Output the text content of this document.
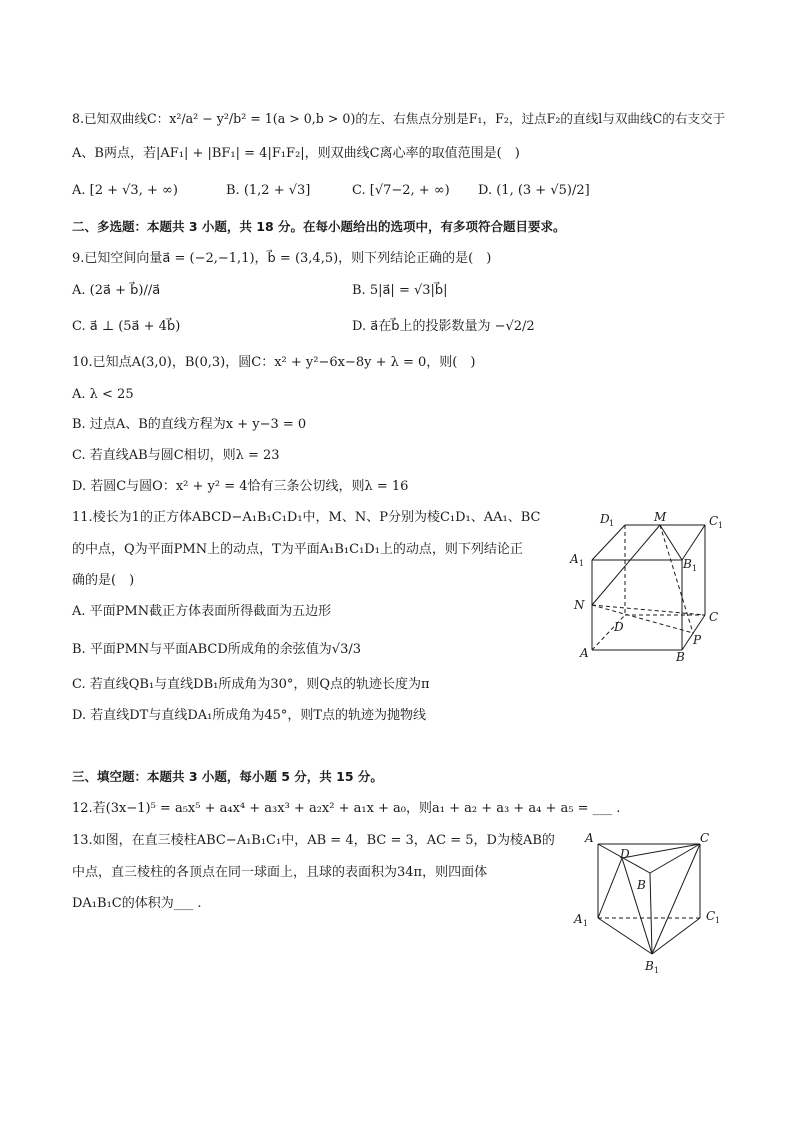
8.已知双曲线C：x²/a² − y²/b² = 1(a > 0,b > 0)的左、右焦点分别是F₁，F₂，过点F₂的直线l与双曲线C的右支交于
A、B两点，若|AF₁| + |BF₁| = 4|F₁F₂|，则双曲线C离心率的取值范围是(　)
A. [2 + √3, + ∞)	B. (1,2 + √3]	C. [√7−2, + ∞) D. (1, (3 + √5)/2]
二、多选题：本题共 3 小题，共 18 分。在每小题给出的选项中，有多项符合题目要求。
9.已知空间向量a⃗ = (−2,−1,1)，b⃗ = (3,4,5)，则下列结论正确的是(　)
A. (2a⃗ + b⃗)//a⃗	B. 5|a⃗| = √3|b⃗|
C. a⃗ ⊥ (5a⃗ + 4b⃗)	D. a⃗在b⃗上的投影数量为 −√2/2
10.已知点A(3,0)，B(0,3)，圆C：x² + y²−6x−8y + λ = 0，则(　)
A. λ < 25
B. 过点A、B的直线方程为x + y−3 = 0
C. 若直线AB与圆C相切，则λ = 23
D. 若圆C与圆O：x² + y² = 4恰有三条公切线，则λ = 16
11.棱长为1的正方体ABCD−A₁B₁C₁D₁中，M、N、P分别为棱C₁D₁、AA₁、BC
的中点，Q为平面PMN上的动点，T为平面A₁B₁C₁D₁上的动点，则下列结论正
确的是(　)
A. 平面PMN截正方体表面所得截面为五边形
B. 平面PMN与平面ABCD所成角的余弦值为√3/3
C. 若直线QB₁与直线DB₁所成角为30°，则Q点的轨迹长度为π
D. 若直线DT与直线DA₁所成角为45°，则T点的轨迹为抛物线
D 1	M	C 1
A 1	B 1
N
C
D
P
A	B
三、填空题：本题共 3 小题，每小题 5 分，共 15 分。
12.若(3x−1)⁵ = a₅x⁵ + a₄x⁴ + a₃x³ + a₂x² + a₁x + a₀，则a₁ + a₂ + a₃ + a₄ + a₅ = ___ .
13.如图，在直三棱柱ABC−A₁B₁C₁中，AB = 4，BC = 3，AC = 5，D为棱AB的
中点，直三棱柱的各顶点在同一球面上，且球的表面积为34π，则四面体
DA₁B₁C的体积为___ .
A	C
D
B
A 1
C 1
B 1
